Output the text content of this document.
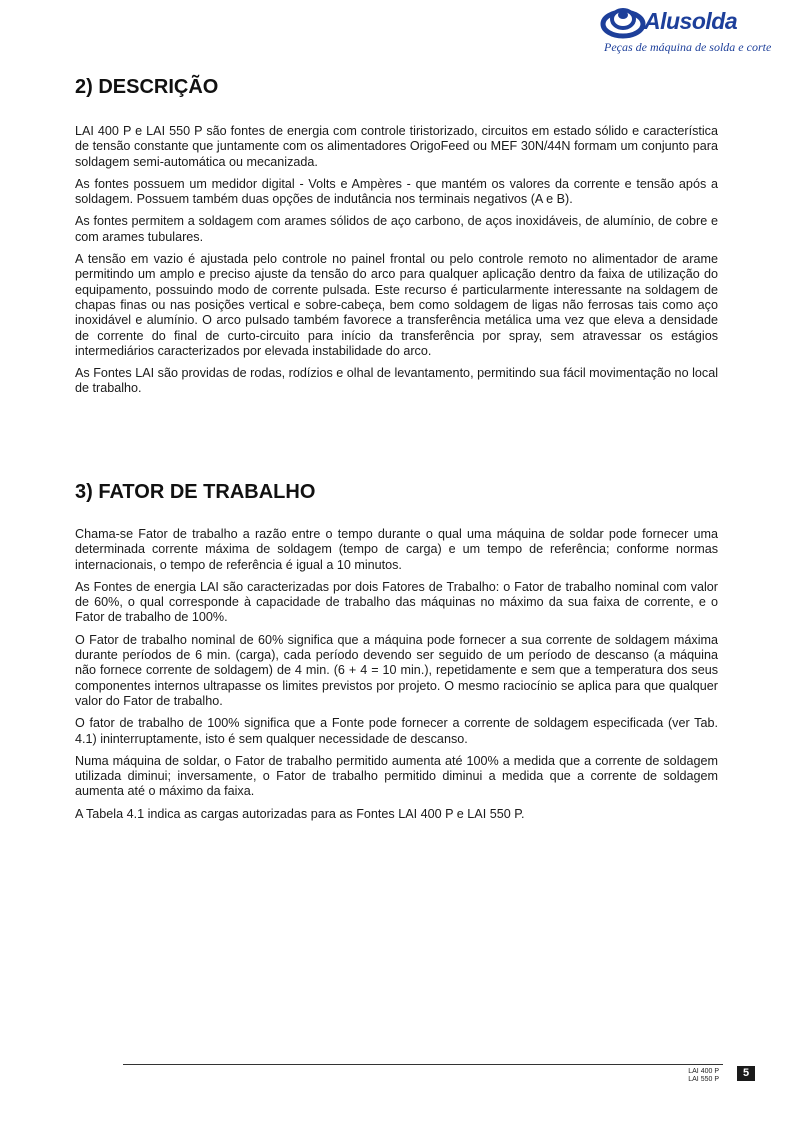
Alusolda
Peças de máquina de solda e corte
2) DESCRIÇÃO

LAI 400 P e LAI 550 P são fontes de energia com controle tiristorizado, circuitos em estado sólido e característica de tensão constante que juntamente com os alimentadores OrigoFeed ou MEF 30N/44N formam um conjunto para soldagem semi-automática ou mecanizada.

As fontes possuem um medidor digital - Volts e Ampères - que mantém os valores da corrente e tensão após a soldagem. Possuem também duas opções de indutância nos terminais negativos (A e B).

As fontes permitem a soldagem com arames sólidos de aço carbono, de aços inoxidáveis, de alumínio, de cobre e com arames tubulares.

A tensão em vazio é ajustada pelo controle no painel frontal ou pelo controle remoto no alimentador de arame permitindo um amplo e preciso ajuste da tensão do arco para qualquer aplicação dentro da faixa de utilização do equipamento, possuindo modo de corrente pulsada. Este recurso é particularmente interessante na soldagem de chapas finas ou nas posições vertical e sobre-cabeça, bem como soldagem de ligas não ferrosas tais como aço inoxidável e alumínio. O arco pulsado também favorece a transferência metálica uma vez que eleva a densidade de corrente do final de curto-circuito para início da transferência por spray, sem atravessar os estágios intermediários caracterizados por elevada instabilidade do arco.

As Fontes LAI são providas de rodas, rodízios e olhal de levantamento, permitindo sua fácil movimentação no local de trabalho.

3) FATOR DE TRABALHO

Chama-se Fator de trabalho a razão entre o tempo durante o qual uma máquina de soldar pode fornecer uma determinada corrente máxima de soldagem (tempo de carga) e um tempo de referência; conforme normas internacionais, o tempo de referência é igual a 10 minutos.

As Fontes de energia LAI são caracterizadas por dois Fatores de Trabalho: o Fator de trabalho nominal com valor de 60%, o qual corresponde à capacidade de trabalho das máquinas no máximo da sua faixa de corrente, e o Fator de trabalho de 100%.

O Fator de trabalho nominal de 60% significa que a máquina pode fornecer a sua corrente de soldagem máxima durante períodos de 6 min. (carga), cada período devendo ser seguido de um período de descanso (a máquina não fornece corrente de soldagem) de 4 min. (6 + 4 = 10 min.), repetidamente e sem que a temperatura dos seus componentes internos ultrapasse os limites previstos por projeto. O mesmo raciocínio se aplica para que qualquer valor do Fator de trabalho.

O fator de trabalho de 100% significa que a Fonte pode fornecer a corrente de soldagem especificada (ver Tab. 4.1) ininterruptamente, isto é sem qualquer necessidade de descanso.

Numa máquina de soldar, o Fator de trabalho permitido aumenta até 100% a medida que a corrente de soldagem utilizada diminui; inversamente, o Fator de trabalho permitido diminui a medida que a corrente de soldagem aumenta até o máximo da faixa.

A Tabela 4.1 indica as cargas autorizadas para as Fontes LAI 400 P e LAI 550 P.

LAI 400 P
LAI 550 P
5
